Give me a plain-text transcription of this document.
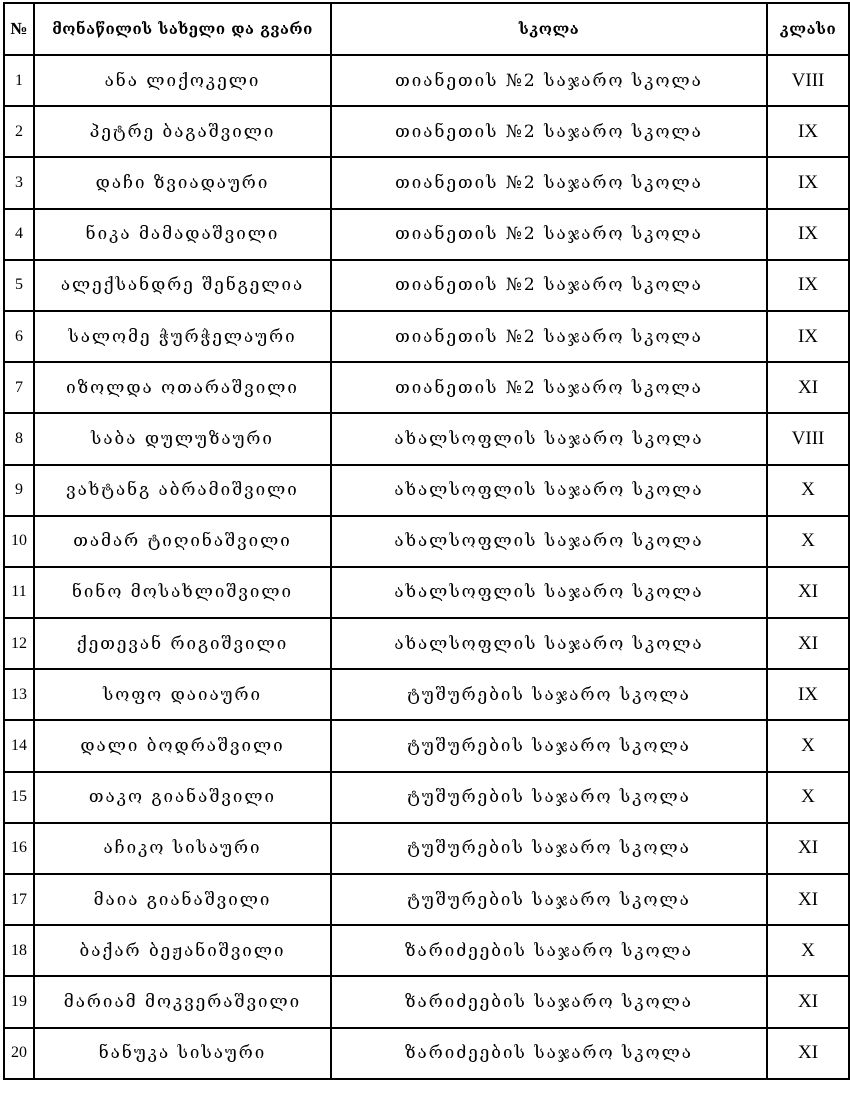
№	მონაწილის სახელი და გვარი	სკოლა	კლასი
1	ანა ლიქოკელი	თიანეთის №2 საჯარო სკოლა	VIII
2	პეტრე ბაგაშვილი	თიანეთის №2 საჯარო სკოლა	IX
3	დაჩი ზვიადაური	თიანეთის №2 საჯარო სკოლა	IX
4	ნიკა მამადაშვილი	თიანეთის №2 საჯარო სკოლა	IX
5	ალექსანდრე შენგელია	თიანეთის №2 საჯარო სკოლა	IX
6	სალომე ჭურჭელაური	თიანეთის №2 საჯარო სკოლა	IX
7	იზოლდა ოთარაშვილი	თიანეთის №2 საჯარო სკოლა	XI
8	საბა დულუზაური	ახალსოფლის საჯარო სკოლა	VIII
9	ვახტანგ აბრამიშვილი	ახალსოფლის საჯარო სკოლა	X
10	თამარ ტიღინაშვილი	ახალსოფლის საჯარო სკოლა	X
11	ნინო მოსახლიშვილი	ახალსოფლის საჯარო სკოლა	XI
12	ქეთევან რიგიშვილი	ახალსოფლის საჯარო სკოლა	XI
13	სოფო დაიაური	ტუშურების საჯარო სკოლა	IX
14	დალი ბოდრაშვილი	ტუშურების საჯარო სკოლა	X
15	თაკო გიანაშვილი	ტუშურების საჯარო სკოლა	X
16	აჩიკო სისაური	ტუშურების საჯარო სკოლა	XI
17	მაია გიანაშვილი	ტუშურების საჯარო სკოლა	XI
18	ბაქარ ბეჟანიშვილი	ზარიძეების საჯარო სკოლა	X
19	მარიამ მოკვერაშვილი	ზარიძეების საჯარო სკოლა	XI
20	ნანუკა სისაური	ზარიძეების საჯარო სკოლა	XI
